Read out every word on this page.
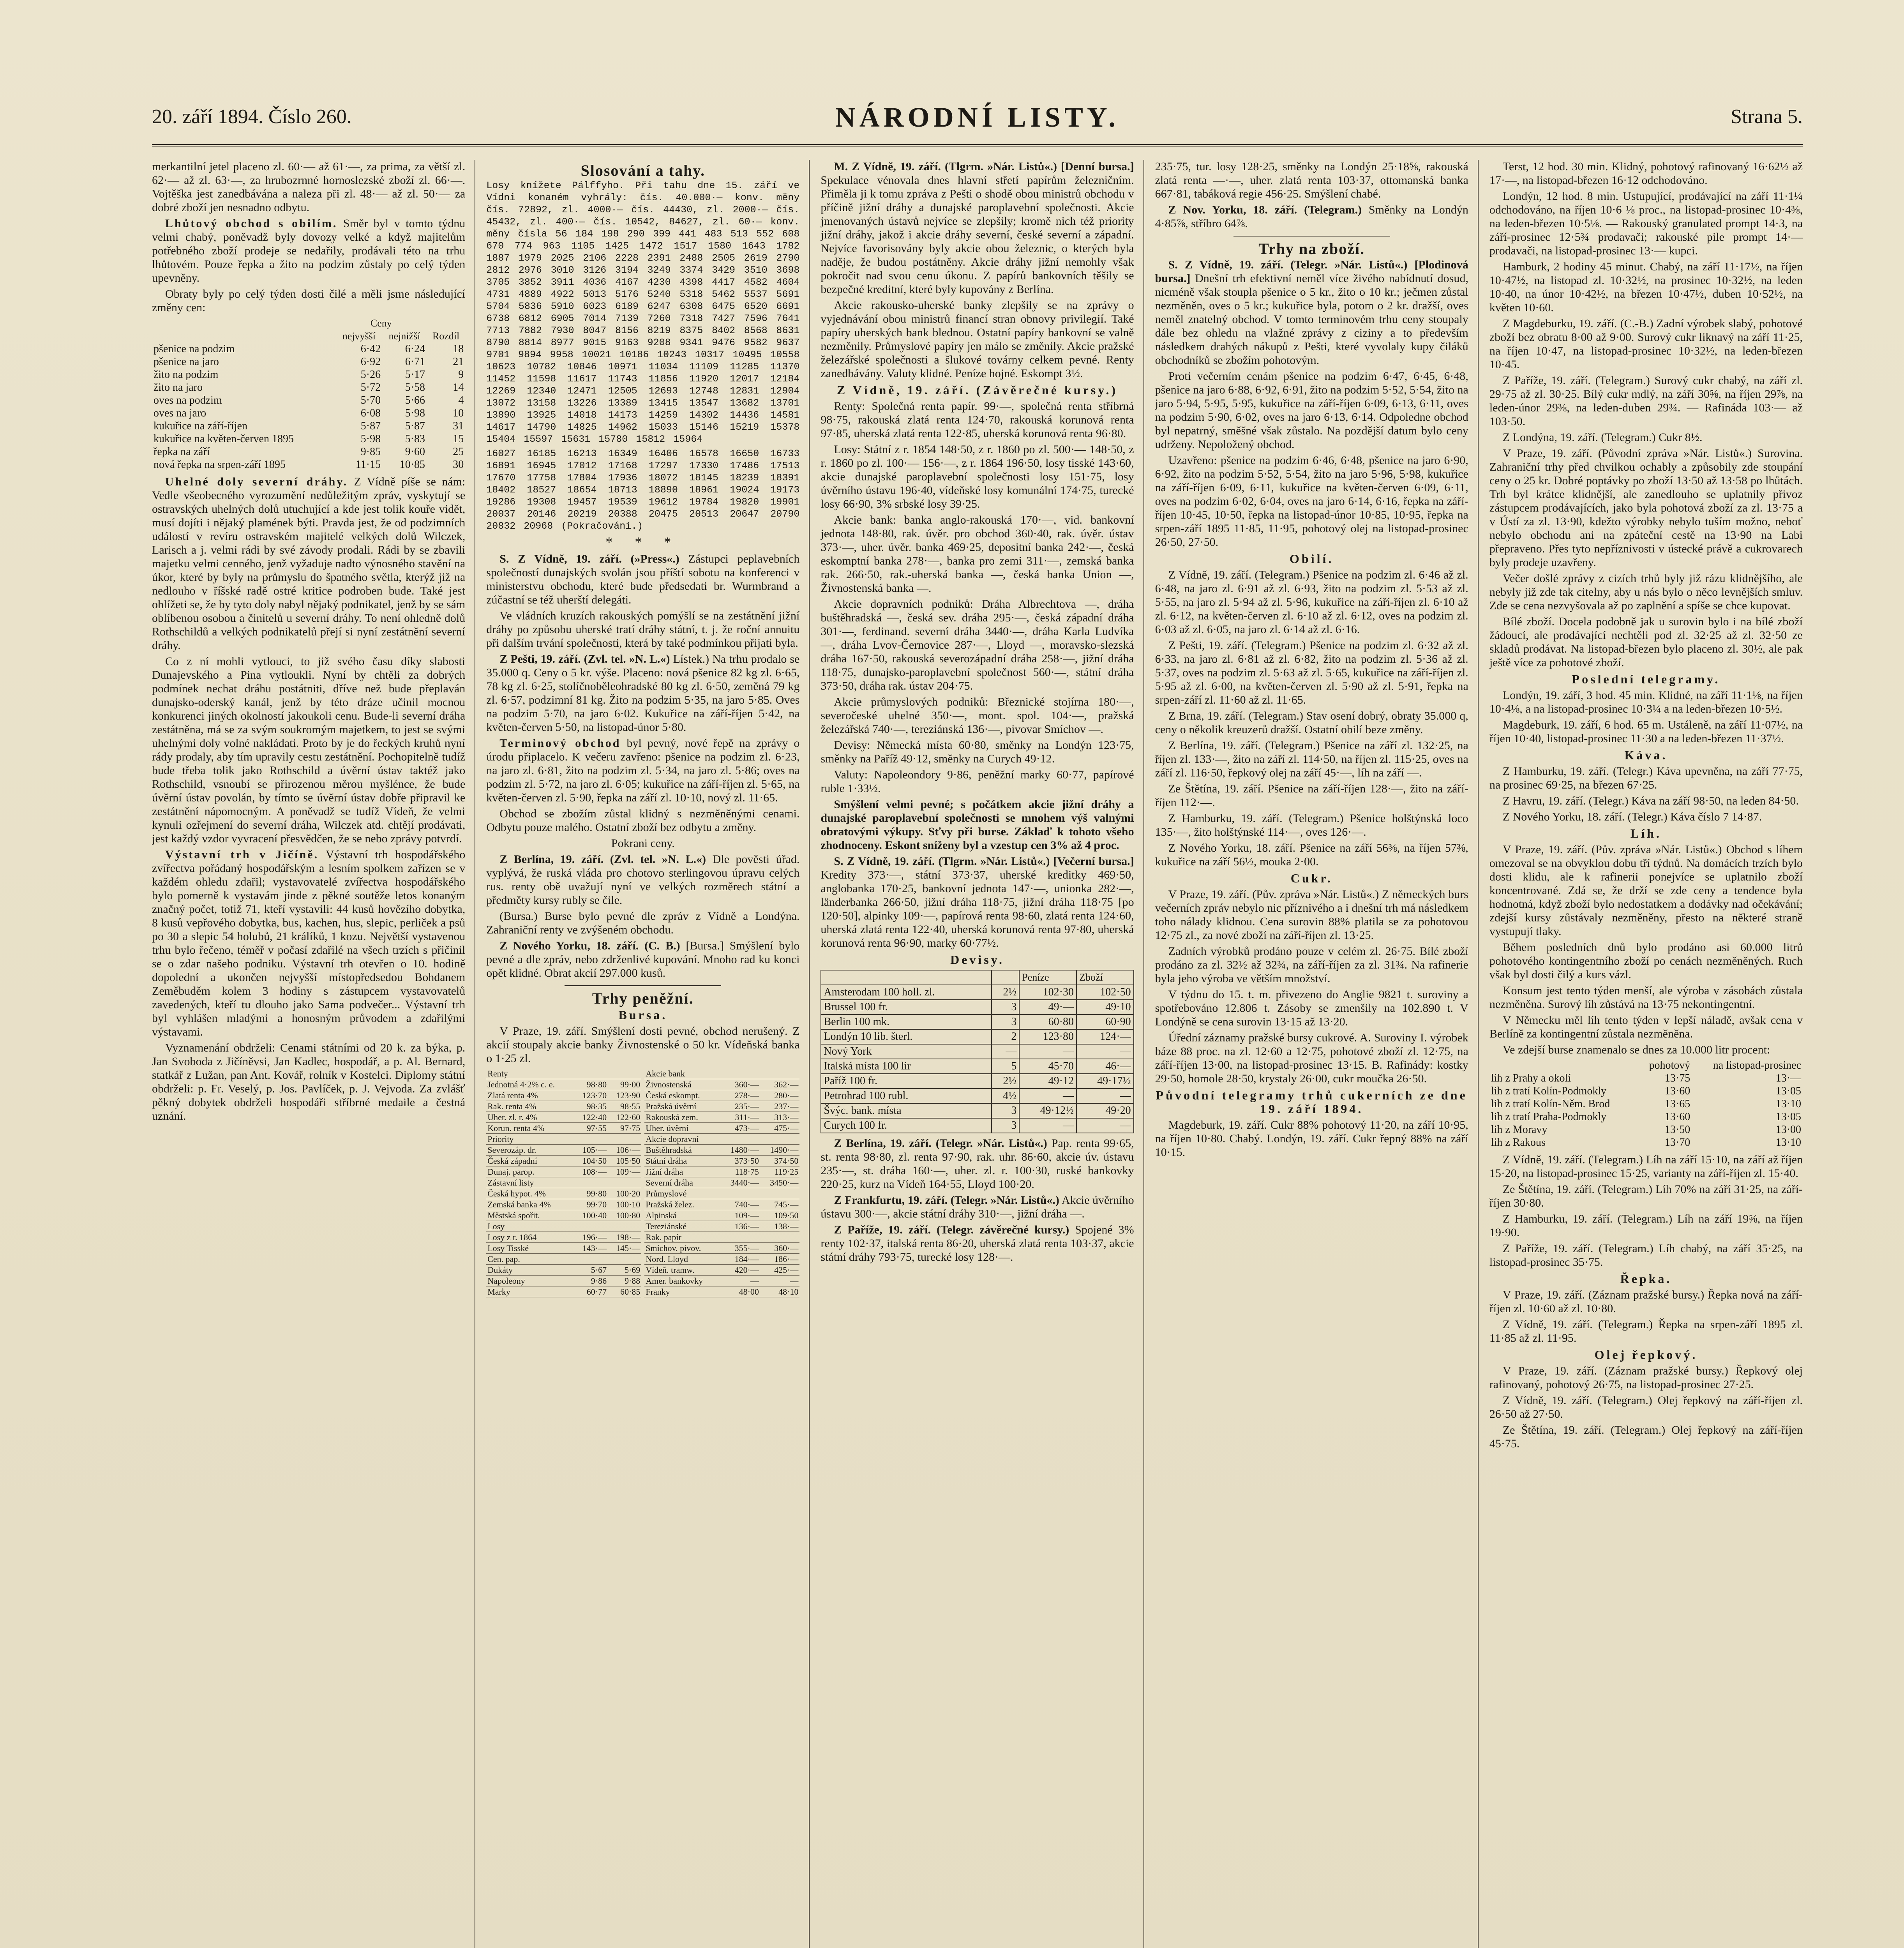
20. září 1894. Číslo 260.	NÁRODNÍ LISTY.	Strana 5.

merkantilní jetel placeno zl. 60·— až 61·—, za prima, za větší zl. 62·— až zl. 63·—, za hrubozrnné hornoslezské zboží zl. 66·—. Vojtěška jest zanedbávána a naleza při zl. 48·— až zl. 50·— za dobré zboží jen nesnadno odbytu.

Lhůtový obchod s obilím. Směr byl v tomto týdnu velmi chabý, poněvadž byly dovozy velké a když majitelům potřebného zboží prodeje se nedařily, prodávali této na trhu lhůtovém. Pouze řepka a žito na podzim zůstaly po celý týden upevněny.

Obraty byly po celý týden dosti čilé a měli jsme následující změny cen:

	Ceny		
	nejvyšší	nejnižší	Rozdíl
pšenice na podzim	6·42	6·24	18
pšenice na jaro	6·92	6·71	21
žito na podzim	5·26	5·17	9
žito na jaro	5·72	5·58	14
oves na podzim	5·70	5·66	4
oves na jaro	6·08	5·98	10
kukuřice na září-říjen	5·87	5·87	31
kukuřice na květen-červen 1895	5·98	5·83	15
řepka na září	9·85	9·60	25
nová řepka na srpen-září 1895	11·15	10·85	30

Uhelné doly severní dráhy. Z Vídně píše se nám: Vedle všeobecného vyrozumění nedůležitým zpráv, vyskytují se ostravských uhelných dolů utuchující a kde jest tolik kouře vidět, musí dojíti i nějaký plamének býti. Pravda jest, že od podzimních událostí v revíru ostravském majitelé velkých dolů Wilczek, Larisch a j. velmi rádi by své závody prodali. Rádi by se zbavili majetku velmi cenného, jenž vyžaduje nadto výnosného stavění na úkor, které by byly na průmyslu do špatného světla, kterýž již na nedlouho v říšské radě ostré kritice podroben bude. Také jest ohlížeti se, že by tyto doly nabyl nějaký podnikatel, jenž by se sám oblíbenou osobou a činitelů u severní dráhy. To není ohledně dolů Rothschildů a velkých podnikatelů přejí si nyní zestátnění severní dráhy.

Co z ní mohli vytlouci, to již svého času díky slabosti Dunajevského a Pina vytloukli. Nyní by chtěli za dobrých podmínek nechat dráhu postátniti, dříve než bude přeplaván dunajsko-oderský kanál, jenž by této dráze učinil mocnou konkurenci jiných okolností jakoukoli cenu. Bude-li severní dráha zestátněna, má se za svým soukromým majetkem, to jest se svými uhelnými doly volné nakládati. Proto by je do řeckých kruhů nyní rády prodaly, aby tím upravily cestu zestátnění. Pochopitelně tudíž bude třeba tolik jako Rothschild a úvěrní ústav taktéž jako Rothschild, vsnoubí se přirozenou měrou myšlénce, že bude úvěrní ústav povolán, by tímto se úvěrní ústav dobře připravil ke zestátnění nápomocným. A poněvadž se tudíž Vídeň, že velmi kynuli ozřejmení do severní dráha, Wilczek atd. chtějí prodávati, jest každý vzdor vyvracení přesvědčen, že se nebo zprávy potvrdí.

Výstavní trh v Jičíně. Výstavní trh hospodářského zvířectva pořádaný hospodářským a lesním spolkem zařízen se v každém ohledu zdařil; vystavovatelé zvířectva hospodářského bylo pomerně k vystavám jinde z pěkné soutěže letos konaným značný počet, totiž 71, kteří vystavili: 44 kusů hovězího dobytka, 8 kusů vepřového dobytka, bus, kachen, hus, slepic, perliček a psů po 30 a slepic 54 holubů, 21 králíků, 1 kozu. Největší vystavenou trhu bylo řečeno, téměř v počasí zdařilé na všech trzích s přičinil se o zdar našeho podniku. Výstavní trh otevřen o 10. hodině dopolední a ukončen nejvyšší místopředsedou Bohdanem Zeměbuděm kolem 3 hodiny s zástupcem vystavovatelů zavedených, kteří tu dlouho jako Sama podvečer... Výstavní trh byl vyhlášen mladými a honosným průvodem a zdařilými výstavami.

Vyznamenání obdrželi: Cenami státními od 20 k. za býka, p. Jan Svoboda z Jičíněvsi, Jan Kadlec, hospodář, a p. Al. Bernard, statkář z Lužan, pan Ant. Kovář, rolník v Kostelci. Diplomy státní obdrželi: p. Fr. Veselý, p. Jos. Pavlíček, p. J. Vejvoda. Za zvlášť pěkný dobytek obdrželi hospodáři stříbrné medaile a čestná uznání.

Slosování a tahy.

Losy knížete Pálffyho. Při tahu dne 15. září ve Vídni konaném vyhrály: čís. 40.000·— konv. měny čís. 72892, zl. 4000·— čís. 44430, zl. 2000·— čís. 45432, zl. 400·— čís. 10542, 84627, zl. 60·— konv. měny čísla 56 184 198 290 399 441 483 513 552 608 670 774 963 1105 1425 1472 1517 1580 1643 1782 1887 1979 2025 2106 2228 2391 2488 2505 2619 2790 2812 2976 3010 3126 3194 3249 3374 3429 3510 3698 3705 3852 3911 4036 4167 4230 4398 4417 4582 4604 4731 4889 4922 5013 5176 5240 5318 5462 5537 5691 5704 5836 5910 6023 6189 6247 6308 6475 6520 6691 6738 6812 6905 7014 7139 7260 7318 7427 7596 7641 7713 7882 7930 8047 8156 8219 8375 8402 8568 8631 8790 8814 8977 9015 9163 9208 9341 9476 9582 9637 9701 9894 9958 10021 10186 10243 10317 10495 10558 10623 10782 10846 10971 11034 11109 11285 11370 11452 11598 11617 11743 11856 11920 12017 12184 12269 12340 12471 12505 12693 12748 12831 12904 13072 13158 13226 13389 13415 13547 13682 13701 13890 13925 14018 14173 14259 14302 14436 14581 14617 14790 14825 14962 15033 15146 15219 15378 15404 15597 15631 15780 15812 15964

16027 16185 16213 16349 16406 16578 16650 16733 16891 16945 17012 17168 17297 17330 17486 17513 17670 17758 17804 17936 18072 18145 18239 18391 18402 18527 18654 18713 18890 18961 19024 19173 19286 19308 19457 19539 19612 19784 19820 19901 20037 20146 20219 20388 20475 20513 20647 20790 20832 20968 (Pokračování.)

* * *

S. Z Vídně, 19. září. (»Press«.) Zástupci peplavebních společností dunajských svolán jsou příští sobotu na konferenci v ministerstvu obchodu, které bude předsedati br. Wurmbrand a zúčastní se též uherští delegáti.

Ve vládních kruzích rakouských pomýšlí se na zestátnění jižní dráhy po způsobu uherské tratí dráhy státní, t. j. že roční annuitu při dalším trvání společnosti, která by také podmínkou přijati byla.

Z Pešti, 19. září. (Zvl. tel. »N. L.«) Lístek.) Na trhu prodalo se 35.000 q. Ceny o 5 kr. výše. Placeno: nová pšenice 82 kg zl. 6·65, 78 kg zl. 6·25, stolíčnoběleohradské 80 kg zl. 6·50, zeměná 79 kg zl. 6·57, podzimní 81 kg. Žito na podzim 5·35, na jaro 5·85. Oves na podzim 5·70, na jaro 6·02. Kukuřice na září-říjen 5·42, na květen-červen 5·50, na listopad-únor 5·80.

Terminový obchod byl pevný, nové řepě na zprávy o úrodu připlacelo. K večeru zavřeno: pšenice na podzim zl. 6·23, na jaro zl. 6·81, žito na podzim zl. 5·34, na jaro zl. 5·86; oves na podzim zl. 5·72, na jaro zl. 6·05; kukuřice na září-říjen zl. 5·65, na květen-červen zl. 5·90, řepka na září zl. 10·10, nový zl. 11·65.

Obchod se zbožím zůstal klidný s nezměněnými cenami. Odbytu pouze malého. Ostatní zboží bez odbytu a změny.

Pokrani ceny.

Z Berlína, 19. září. (Zvl. tel. »N. L.«) Dle pověsti úřad. vyplývá, že ruská vláda pro chotovo sterlingovou úpravu celých rus. renty obě uvažují nyní ve velkých rozměrech státní a předměty kursy rubly se čile.

(Bursa.) Burse bylo pevné dle zpráv z Vídně a Londýna. Zahraniční renty ve zvýšeném obchodu.

Z Nového Yorku, 18. září. (C. B.) [Bursa.] Smýšlení bylo pevné a dle zpráv, nebo zdrženlivé kupování. Mnoho rad ku konci opět klidné. Obrat akcií 297.000 kusů.

Trhy peněžní.
Bursa.

V Praze, 19. září. Smýšlení dosti pevné, obchod nerušený. Z akcií stoupaly akcie banky Živnostenské o 50 kr. Vídeňská banka o 1·25 zl.

Renty		
Jednotná 4·2% c. e.	98·80	99·00
Zlatá renta 4%	123·70	123·90
Rak. renta 4%	98·35	98·55
Uher. zl. r. 4%	122·40	122·60
Korun. renta 4%	97·55	97·75
Priority		
Severozáp. dr.	105·—	106·—
Česká západní	104·50	105·50
Dunaj. parop.	108·—	109·—
Zástavní listy		
Česká hypot. 4%	99·80	100·20
Zemská banka 4%	99·70	100·10
Městská spořit.	100·40	100·80
Losy		
Losy z r. 1864	196·—	198·—
Losy Tisské	143·—	145·—
Cen. pap.		
Dukáty	5·67	5·69
Napoleony	9·86	9·88
Marky	60·77	60·85
Akcie bank		
Živnostenská	360·—	362·—
Česká eskompt.	278·—	280·—
Pražská úvěrní	235·—	237·—
Rakouská zem.	311·—	313·—
Uher. úvěrní	473·—	475·—
Akcie dopravní		
Buštěhradská	1480·—	1490·—
Státní dráha	373·50	374·50
Jižní dráha	118·75	119·25
Severní dráha	3440·—	3450·—
Průmyslové		
Pražská želez.	740·—	745·—
Alpinská	109·—	109·50
Tereziánské	136·—	138·—
Rak. papír		
Smíchov. pivov.	355·—	360·—
Nord. Lloyd	184·—	186·—
Vídeň. tramw.	420·—	425·—
Amer. bankovky	—	—
Franky	48·00	48·10

M. Z Vídně, 19. září. (Tlgrm. »Nár. Listů«.) [Denní bursa.] Spekulace vénovala dnes hlavní střetí papírům železničním. Přiměla ji k tomu zpráva z Pešti o shodě obou ministrů obchodu v příčině jižní dráhy a dunajské paroplavební společnosti. Akcie jmenovaných ústavů nejvíce se zlepšily; kromě nich též priority jižní dráhy, jakož i akcie dráhy severní, české severní a západní. Nejvíce favorisovány byly akcie obou železnic, o kterých byla naděje, že budou postátněny. Akcie dráhy jižní nemohly však pokročit nad svou cenu úkonu. Z papírů bankovních těšily se bezpečné kreditní, které byly kupovány z Berlína.

Akcie rakousko-uherské banky zlepšily se na zprávy o vyjednávání obou ministrů financí stran obnovy privilegií. Také papíry uherských bank blednou. Ostatní papíry bankovní se valně nezměnily. Průmyslové papíry jen málo se změnily. Akcie pražské železářské společnosti a šlukové továrny celkem pevné. Renty zanedbávány. Valuty klidné. Peníze hojné. Eskompt 3½.

Z Vídně, 19. září. (Závěrečné kursy.)

Renty: Společná renta papír. 99·—, společná renta stříbrná 98·75, rakouská zlatá renta 124·70, rakouská korunová renta 97·85, uherská zlatá renta 122·85, uherská korunová renta 96·80.

Losy: Státní z r. 1854 148·50, z r. 1860 po zl. 500·— 148·50, z r. 1860 po zl. 100·— 156·—, z r. 1864 196·50, losy tisské 143·60, akcie dunajské paroplavební společnosti losy 151·75, losy úvěrního ústavu 196·40, vídeňské losy komunální 174·75, turecké losy 66·90, 3% srbské losy 39·25.

Akcie bank: banka anglo-rakouská 170·—, vid. bankovní jednota 148·80, rak. úvěr. pro obchod 360·40, rak. úvěr. ústav 373·—, uher. úvěr. banka 469·25, depositní banka 242·—, česká eskomptní banka 278·—, banka pro zemi 311·—, zemská banka rak. 266·50, rak.-uherská banka —, česká banka Union —, Živnostenská banka —.

Akcie dopravních podniků: Dráha Albrechtova —, dráha buštěhradská —, česká sev. dráha 295·—, česká západní dráha 301·—, ferdinand. severní dráha 3440·—, dráha Karla Ludvíka —, dráha Lvov-Černovice 287·—, Lloyd —, moravsko-slezská dráha 167·50, rakouská severozápadní dráha 258·—, jižní dráha 118·75, dunajsko-paroplavební společnost 560·—, státní dráha 373·50, dráha rak. ústav 204·75.

Akcie průmyslových podniků: Březnické stojírna 180·—, severočeské uhelné 350·—, mont. spol. 104·—, pražská železářská 740·—, tereziánská 136·—, pivovar Smíchov —.

Devisy: Německá místa 60·80, směnky na Londýn 123·75, směnky na Paříž 49·12, směnky na Curych 49·12.

Valuty: Napoleondory 9·86, peněžní marky 60·77, papírové ruble 1·33½.

Smýšlení velmi pevné; s počátkem akcie jižní dráhy a dunajské paroplavební společnosti se mnohem výš valnými obratovými výkupy. Sťvy při burse. Záklaď k tohoto všeho zhodnoceny. Eskont sníženy byl a vzestup cen 3% až 4 proc.

S. Z Vídně, 19. září. (Tlgrm. »Nár. Listů«.) [Večerní bursa.] Kredity 373·—, státní 373·37, uherské kreditky 469·50, anglobanka 170·25, bankovní jednota 147·—, unionka 282·—, länderbanka 266·50, jižní dráha 118·75, jižní dráha 118·75 [po 120·50], alpinky 109·—, papírová renta 98·60, zlatá renta 124·60, uherská zlatá renta 122·40, uherská korunová renta 97·80, uherská korunová renta 96·90, marky 60·77½.

Devisy.
		Peníze	Zboží
Amsterodam 100 holl. zl.	2½	102·30	102·50
Brussel 100 fr.	3	49·—	49·10
Berlin 100 mk.	3	60·80	60·90
Londýn 10 lib. šterl.	2	123·80	124·—
Nový York	—	—	—
Italská místa 100 lir	5	45·70	46·—
Paříž 100 fr.	2½	49·12	49·17½
Petrohrad 100 rubl.	4½	—	—
Švýc. bank. místa	3	49·12½	49·20
Curych 100 fr.	3	—	—

Z Berlína, 19. září. (Telegr. »Nár. Listů«.) Pap. renta 99·65, st. renta 98·80, zl. renta 97·90, rak. uhr. 86·60, akcie úv. ústavu 235·—, st. dráha 160·—, uher. zl. r. 100·30, ruské bankovky 220·25, kurz na Vídeň 164·55, Lloyd 100·20.

Z Frankfurtu, 19. září. (Telegr. »Nár. Listů«.) Akcie úvěrního ústavu 300·—, akcie státní dráhy 310·—, jižní dráha —.

Z Paříže, 19. září. (Telegr. závěrečné kursy.) Spojené 3% renty 102·37, italská renta 86·20, uherská zlatá renta 103·37, akcie státní dráhy 793·75, turecké losy 128·—.

235·75, tur. losy 128·25, směnky na Londýn 25·18⅝, rakouská zlatá renta —·—, uher. zlatá renta 103·37, ottomanská banka 667·81, tabáková regie 456·25. Smýšlení chabé.

Z Nov. Yorku, 18. září. (Telegram.) Směnky na Londýn 4·85⅞, stříbro 64⅞.

Trhy na zboží.

S. Z Vídně, 19. září. (Telegr. »Nár. Listů«.) [Plodinová bursa.] Dnešní trh efektivní neměl více živého nabídnutí dosud, nicméně však stoupla pšenice o 5 kr., žito o 10 kr.; ječmen zůstal nezměněn, oves o 5 kr.; kukuřice byla, potom o 2 kr. dražší, oves neměl znatelný obchod. V tomto terminovém trhu ceny stoupaly dále bez ohledu na vlažné zprávy z ciziny a to především následkem drahých nákupů z Pešti, které vyvolaly kupy čiláků obchodníků se zbožím pohotovým.

Proti večerním cenám pšenice na podzim 6·47, 6·45, 6·48, pšenice na jaro 6·88, 6·92, 6·91, žito na podzim 5·52, 5·54, žito na jaro 5·94, 5·95, 5·95, kukuřice na září-říjen 6·09, 6·13, 6·11, oves na podzim 5·90, 6·02, oves na jaro 6·13, 6·14. Odpoledne obchod byl nepatrný, směšné však zůstalo. Na pozdější datum bylo ceny udrženy. Nepoložený obchod.

Uzavřeno: pšenice na podzim 6·46, 6·48, pšenice na jaro 6·90, 6·92, žito na podzim 5·52, 5·54, žito na jaro 5·96, 5·98, kukuřice na září-říjen 6·09, 6·11, kukuřice na květen-červen 6·09, 6·11, oves na podzim 6·02, 6·04, oves na jaro 6·14, 6·16, řepka na září-říjen 10·45, 10·50, řepka na listopad-únor 10·85, 10·95, řepka na srpen-září 1895 11·85, 11·95, pohotový olej na listopad-prosinec 26·50, 27·50.

Obilí.

Z Vídně, 19. září. (Telegram.) Pšenice na podzim zl. 6·46 až zl. 6·48, na jaro zl. 6·91 až zl. 6·93, žito na podzim zl. 5·53 až zl. 5·55, na jaro zl. 5·94 až zl. 5·96, kukuřice na září-říjen zl. 6·10 až zl. 6·12, na květen-červen zl. 6·10 až zl. 6·12, oves na podzim zl. 6·03 až zl. 6·05, na jaro zl. 6·14 až zl. 6·16.

Z Pešti, 19. září. (Telegram.) Pšenice na podzim zl. 6·32 až zl. 6·33, na jaro zl. 6·81 až zl. 6·82, žito na podzim zl. 5·36 až zl. 5·37, oves na podzim zl. 5·63 až zl. 5·65, kukuřice na září-říjen zl. 5·95 až zl. 6·00, na květen-červen zl. 5·90 až zl. 5·91, řepka na srpen-září zl. 11·60 až zl. 11·65.

Z Brna, 19. září. (Telegram.) Stav osení dobrý, obraty 35.000 q, ceny o několik kreuzerů dražší. Ostatní obilí beze změny.

Z Berlína, 19. září. (Telegram.) Pšenice na září zl. 132·25, na říjen zl. 133·—, žito na září zl. 114·50, na říjen zl. 115·25, oves na září zl. 116·50, řepkový olej na září 45·—, líh na září —.

Ze Štětína, 19. září. Pšenice na září-říjen 128·—, žito na září-říjen 112·—.

Z Hamburku, 19. září. (Telegram.) Pšenice holštýnská loco 135·—, žito holštýnské 114·—, oves 126·—.

Z Nového Yorku, 18. září. Pšenice na září 56⅜, na říjen 57⅜, kukuřice na září 56½, mouka 2·00.

Cukr.

V Praze, 19. září. (Pův. zpráva »Nár. Listů«.) Z německých burs večerních zpráv nebylo nic příznivého a i dnešní trh má následkem toho nálady klidnou. Cena surovin 88% platila se za pohotovou 12·75 zl., za nové zboží na září-říjen zl. 13·25.

Zadních výrobků prodáno pouze v celém zl. 26·75. Bílé zboží prodáno za zl. 32½ až 32¾, na září-říjen za zl. 31¾. Na rafinerie byla jeho výroba ve větším množství.

V týdnu do 15. t. m. přivezeno do Anglie 9821 t. suroviny a spotřebováno 12.806 t. Zásoby se zmenšily na 102.890 t. V Londýně se cena surovin 13·15 až 13·20.

Úřední záznamy pražské bursy cukrové. A. Suroviny I. výrobek báze 88 proc. na zl. 12·60 a 12·75, pohotové zboží zl. 12·75, na září-říjen 13·00, na listopad-prosinec 13·15. B. Rafinády: kostky 29·50, homole 28·50, krystaly 26·00, cukr moučka 26·50.

Původní telegramy trhů cukerních ze dne 19. září 1894.

Magdeburk, 19. září. Cukr 88% pohotový 11·20, na září 10·95, na říjen 10·80. Chabý. Londýn, 19. září. Cukr řepný 88% na září 10·15.

Terst, 12 hod. 30 min. Klidný, pohotový rafinovaný 16·62½ až 17·—, na listopad-březen 16·12 odchodováno.

Londýn, 12 hod. 8 min. Ustupující, prodávající na září 11·1¼ odchodováno, na říjen 10·6 ⅛ proc., na listopad-prosinec 10·4⅜, na leden-březen 10·5⅛. — Rakouský granulated prompt 14·3, na září-prosinec 12·5¾ prodavači; rakouské pile prompt 14·— prodavači, na listopad-prosinec 13·— kupci.

Hamburk, 2 hodiny 45 minut. Chabý, na září 11·17½, na říjen 10·47½, na listopad zl. 10·32½, na prosinec 10·32½, na leden 10·40, na únor 10·42½, na březen 10·47½, duben 10·52½, na květen 10·60.

Z Magdeburku, 19. září. (C.-B.) Zadní výrobek slabý, pohotové zboží bez obratu 8·00 až 9·00. Surový cukr liknavý na září 11·25, na říjen 10·47, na listopad-prosinec 10·32½, na leden-březen 10·45.

Z Paříže, 19. září. (Telegram.) Surový cukr chabý, na září zl. 29·75 až zl. 30·25. Bílý cukr mdlý, na září 30⅝, na říjen 29⅞, na leden-únor 29⅜, na leden-duben 29¾. — Rafináda 103·— až 103·50.

Z Londýna, 19. září. (Telegram.) Cukr 8½.

V Praze, 19. září. (Původní zpráva »Nár. Listů«.) Surovina. Zahraniční trhy před chvilkou ochably a způsobily zde stoupání ceny o 25 kr. Dobré poptávky po zboží 13·50 až 13·58 po lhůtách. Trh byl krátce klidnější, ale zanedlouho se uplatnily přivoz zástupcem prodávajících, jako byla pohotová zboží za zl. 13·75 a v Ústí za zl. 13·90, kdežto výrobky nebylo tuším možno, neboť nebylo obchodu ani na zpáteční cestě na 13·90 na Labi přepraveno. Přes tyto nepříznivosti v ústecké právě a cukrovarech byly prodeje uzavřeny.

Večer došlé zprávy z cizích trhů byly již rázu klidnějšího, ale nebyly již zde tak citelny, aby u nás bylo o něco levnějších smluv. Zde se cena nezvyšovala až po zaplnění a spíše se chce kupovat.

Bílé zboží. Docela podobně jak u surovin bylo i na bílé zboží žádoucí, ale prodávající nechtěli pod zl. 32·25 až zl. 32·50 ze skladů prodávat. Na listopad-březen bylo placeno zl. 30½, ale pak ještě více za pohotové zboží.

Poslední telegramy.

Londýn, 19. září, 3 hod. 45 min. Klidné, na září 11·1⅛, na říjen 10·4⅛, a na listopad-prosinec 10·3¼ a na leden-březen 10·5½.

Magdeburk, 19. září, 6 hod. 65 m. Ustáleně, na září 11·07½, na říjen 10·40, listopad-prosinec 11·30 a na leden-březen 11·37½.

Káva.

Z Hamburku, 19. září. (Telegr.) Káva upevněna, na září 77·75, na prosinec 69·25, na březen 67·25.

Z Havru, 19. září. (Telegr.) Káva na září 98·50, na leden 84·50.

Z Nového Yorku, 18. září. (Telegr.) Káva číslo 7 14·87.

Líh.

V Praze, 19. září. (Pův. zpráva »Nár. Listů«.) Obchod s líhem omezoval se na obvyklou dobu tří týdnů. Na domácích trzích bylo dosti klidu, ale k rafinerii ponejvíce se uplatnilo zboží koncentrované. Zdá se, že drží se zde ceny a tendence byla hodnotná, když zboží bylo nedostatkem a dodávky nad očekávání; zdejší kursy zůstávaly nezměněny, přesto na některé straně vystupují tlaky.

Během posledních dnů bylo prodáno asi 60.000 litrů pohotového kontingentního zboží po cenách nezměněných. Ruch však byl dosti čilý a kurs vázl.

Konsum jest tento týden menší, ale výroba v zásobách zůstala nezměněna. Surový líh zůstává na 13·75 nekontingentní.

V Německu měl líh tento týden v lepší náladě, avšak cena v Berlíně za kontingentní zůstala nezměněna.

Ve zdejší burse znamenalo se dnes za 10.000 litr procent:

	pohotový	na listopad-prosinec
lih z Prahy a okolí	13·75	13·—
lih z tratí Kolín-Podmokly	13·60	13·05
lih z tratí Kolín-Něm. Brod	13·65	13·10
lih z tratí Praha-Podmokly	13·60	13·05
lih z Moravy	13·50	13·00
lih z Rakous	13·70	13·10

Z Vídně, 19. září. (Telegram.) Líh na září 15·10, na září až říjen 15·20, na listopad-prosinec 15·25, varianty na září-říjen zl. 15·40.

Ze Štětína, 19. září. (Telegram.) Líh 70% na září 31·25, na září-říjen 30·80.

Z Hamburku, 19. září. (Telegram.) Líh na září 19⅝, na říjen 19·90.

Z Paříže, 19. září. (Telegram.) Líh chabý, na září 35·25, na listopad-prosinec 35·75.

Řepka.

V Praze, 19. září. (Záznam pražské bursy.) Řepka nová na září-říjen zl. 10·60 až zl. 10·80.

Z Vídně, 19. září. (Telegram.) Řepka na srpen-září 1895 zl. 11·85 až zl. 11·95.

Olej řepkový.

V Praze, 19. září. (Záznam pražské bursy.) Řepkový olej rafinovaný, pohotový 26·75, na listopad-prosinec 27·25.

Z Vídně, 19. září. (Telegram.) Olej řepkový na září-říjen zl. 26·50 až 27·50.

Ze Štětína, 19. září. (Telegram.) Olej řepkový na září-říjen 45·75.
